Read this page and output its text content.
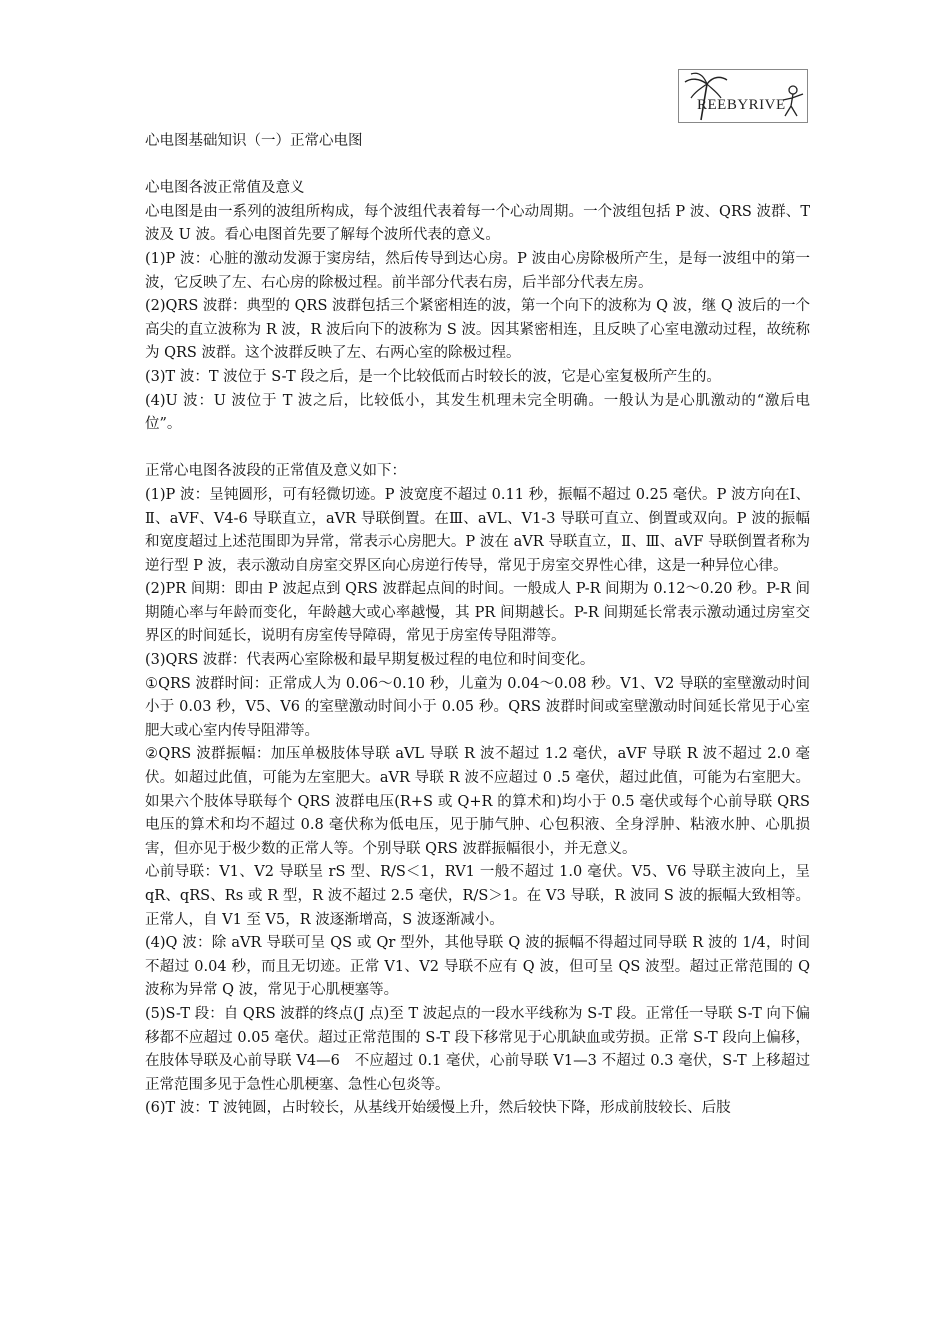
REEBYRIVE

心电图基础知识（一）正常心电图

心电图各波正常值及意义

心电图是由一系列的波组所构成，每个波组代表着每一个心动周期。一个波组包括 P 波、QRS 波群、T 波及 U 波。看心电图首先要了解每个波所代表的意义。

(1)P 波：心脏的激动发源于窦房结，然后传导到达心房。P 波由心房除极所产生，是每一波组中的第一波，它反映了左、右心房的除极过程。前半部分代表右房，后半部分代表左房。

(2)QRS 波群：典型的 QRS 波群包括三个紧密相连的波，第一个向下的波称为 Q 波，继 Q 波后的一个高尖的直立波称为 R 波，R 波后向下的波称为 S 波。因其紧密相连，且反映了心室电激动过程，故统称为 QRS 波群。这个波群反映了左、右两心室的除极过程。

(3)T 波：T 波位于 S-T 段之后，是一个比较低而占时较长的波，它是心室复极所产生的。

(4)U 波：U 波位于 T 波之后，比较低小，其发生机理未完全明确。一般认为是心肌激动的“激后电位”。

正常心电图各波段的正常值及意义如下：

(1)P 波：呈钝圆形，可有轻微切迹。P 波宽度不超过 0.11 秒，振幅不超过 0.25 毫伏。P 波方向在Ⅰ、Ⅱ、aVF、V4-6 导联直立，aVR 导联倒置。在Ⅲ、aVL、V1-3 导联可直立、倒置或双向。P 波的振幅和宽度超过上述范围即为异常，常表示心房肥大。P 波在 aVR 导联直立，Ⅱ、Ⅲ、aVF 导联倒置者称为逆行型 P 波，表示激动自房室交界区向心房逆行传导，常见于房室交界性心律，这是一种异位心律。

(2)PR 间期：即由 P 波起点到 QRS 波群起点间的时间。一般成人 P-R 间期为 0.12～0.20 秒。P-R 间期随心率与年龄而变化，年龄越大或心率越慢，其 PR 间期越长。P-R 间期延长常表示激动通过房室交界区的时间延长，说明有房室传导障碍，常见于房室传导阻滞等。

(3)QRS 波群：代表两心室除极和最早期复极过程的电位和时间变化。

①QRS 波群时间：正常成人为 0.06～0.10 秒，儿童为 0.04～0.08 秒。V1、V2 导联的室壁激动时间小于 0.03 秒，V5、V6 的室壁激动时间小于 0.05 秒。QRS 波群时间或室壁激动时间延长常见于心室肥大或心室内传导阻滞等。

②QRS 波群振幅：加压单极肢体导联 aVL 导联 R 波不超过 1.2 毫伏，aVF 导联 R 波不超过 2.0 毫伏。如超过此值，可能为左室肥大。aVR 导联 R 波不应超过 0 .5 毫伏，超过此值，可能为右室肥大。如果六个肢体导联每个 QRS 波群电压(R+S 或 Q+R 的算术和)均小于 0.5 毫伏或每个心前导联 QRS 电压的算术和均不超过 0.8 毫伏称为低电压，见于肺气肿、心包积液、全身浮肿、粘液水肿、心肌损害，但亦见于极少数的正常人等。个别导联 QRS 波群振幅很小，并无意义。

心前导联：V1、V2 导联呈 rS 型、R/S＜1，RV1 一般不超过 1.0 毫伏。V5、V6 导联主波向上，呈 qR、qRS、Rs 或 R 型，R 波不超过 2.5 毫伏，R/S＞1。在 V3 导联，R 波同 S 波的振幅大致相等。正常人，自 V1 至 V5，R 波逐渐增高，S 波逐渐减小。

(4)Q 波：除 aVR 导联可呈 QS 或 Qr 型外，其他导联 Q 波的振幅不得超过同导联 R 波的 1/4，时间不超过 0.04 秒，而且无切迹。正常 V1、V2 导联不应有 Q 波，但可呈 QS 波型。超过正常范围的 Q 波称为异常 Q 波，常见于心肌梗塞等。

(5)S-T 段：自 QRS 波群的终点(J 点)至 T 波起点的一段水平线称为 S-T 段。正常任一导联 S-T 向下偏移都不应超过 0.05 毫伏。超过正常范围的 S-T 段下移常见于心肌缺血或劳损。正常 S-T 段向上偏移，在肢体导联及心前导联 V4—6　不应超过 0.1 毫伏，心前导联 V1—3 不超过 0.3 毫伏，S-T 上移超过正常范围多见于急性心肌梗塞、急性心包炎等。

(6)T 波：T 波钝圆，占时较长，从基线开始缓慢上升，然后较快下降，形成前肢较长、后肢
